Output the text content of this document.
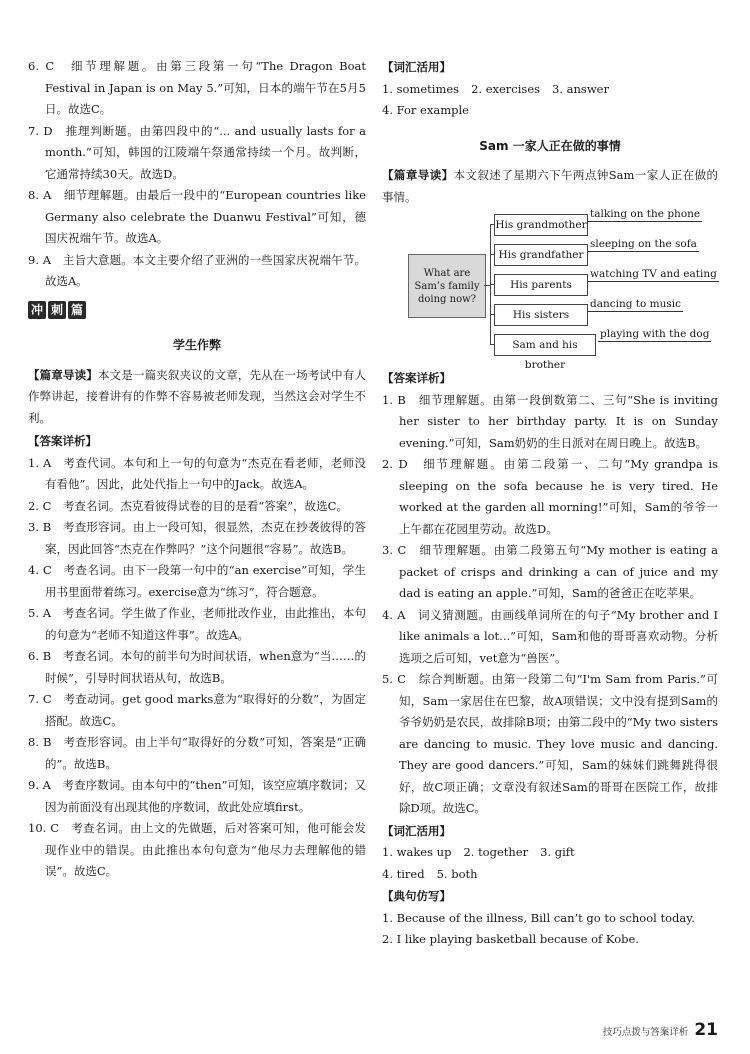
6. C　细节理解题。由第三段第一句“The Dragon Boat Festival in Japan is on May 5.”可知，日本的端午节在5月5日。故选C。

7. D　推理判断题。由第四段中的“... and usually lasts for a month.”可知，韩国的江陵端午祭通常持续一个月。故判断，它通常持续30天。故选D。

8. A　细节理解题。由最后一段中的“European countries like Germany also celebrate the Duanwu Festival”可知，德国庆祝端午节。故选A。

9. A　主旨大意题。本文主要介绍了亚洲的一些国家庆祝端午节。故选A。

冲 刺 篇
学生作弊

【篇章导读】本文是一篇夹叙夹议的文章，先从在一场考试中有人作弊讲起，接着讲有的作弊不容易被老师发现，当然这会对学生不利。

【答案详析】

1. A　考查代词。本句和上一句的句意为“杰克在看老师，老师没有看他”。因此，此处代指上一句中的Jack。故选A。

2. C　考查名词。杰克看彼得试卷的目的是看“答案”，故选C。

3. B　考查形容词。由上一段可知，很显然，杰克在抄袭彼得的答案，因此回答“杰克在作弊吗？”这个问题很“容易”。故选B。

4. C　考查名词。由下一段第一句中的“an exercise”可知，学生用书里面带着练习。exercise意为“练习”，符合题意。

5. A　考查名词。学生做了作业，老师批改作业，由此推出，本句的句意为“老师不知道这件事”。故选A。

6. B　考查名词。本句的前半句为时间状语，when意为“当……的时候”，引导时间状语从句，故选B。

7. C　考查动词。get good marks意为“取得好的分数”，为固定搭配。故选C。

8. B　考查形容词。由上半句“取得好的分数”可知，答案是“正确的”。故选B。

9. A　考查序数词。由本句中的“then”可知，该空应填序数词；又因为前面没有出现其他的序数词，故此处应填first。

10. C　考查名词。由上文的先做题，后对答案可知，他可能会发现作业中的错误。由此推出本句句意为“他尽力去理解他的错误”。故选C。

【词汇活用】
1. sometimes 2. exercises 3. answer
4. For example
Sam 一家人正在做的事情

【篇章导读】本文叙述了星期六下午两点钟Sam一家人正在做的事情。

What are Sam’s family doing now?
His grandmother
talking on the phone
His grandfather
sleeping on the sofa
His parents
watching TV and eating
His sisters
dancing to music
Sam and his brother
playing with the dog
【答案详析】

1. B　细节理解题。由第一段倒数第二、三句“She is inviting her sister to her birthday party. It is on Sunday evening.”可知，Sam奶奶的生日派对在周日晚上。故选B。

2. D　细节理解题。由第二段第一、二句“My grandpa is sleeping on the sofa because he is very tired. He worked at the garden all morning!”可知，Sam的爷爷一上午都在花园里劳动。故选D。

3. C　细节理解题。由第二段第五句“My mother is eating a packet of crisps and drinking a can of juice and my dad is eating an apple.”可知，Sam的爸爸正在吃苹果。

4. A　词义猜测题。由画线单词所在的句子“My brother and I like animals a lot...”可知，Sam和他的哥哥喜欢动物。分析选项之后可知，vet意为“兽医”。

5. C　综合判断题。由第一段第二句“I'm Sam from Paris.”可知，Sam一家居住在巴黎，故A项错误；文中没有提到Sam的爷爷奶奶是农民，故排除B项；由第二段中的“My two sisters are dancing to music. They love music and dancing. They are good dancers.”可知，Sam的妹妹们跳舞跳得很好，故C项正确；文章没有叙述Sam的哥哥在医院工作，故排除D项。故选C。

【词汇活用】
1. wakes up 2. together 3. gift
4. tired 5. both
【典句仿写】

1. Because of the illness, Bill can’t go to school today.

2. I like playing basketball because of Kobe.

技巧点拨与答案详析 21
